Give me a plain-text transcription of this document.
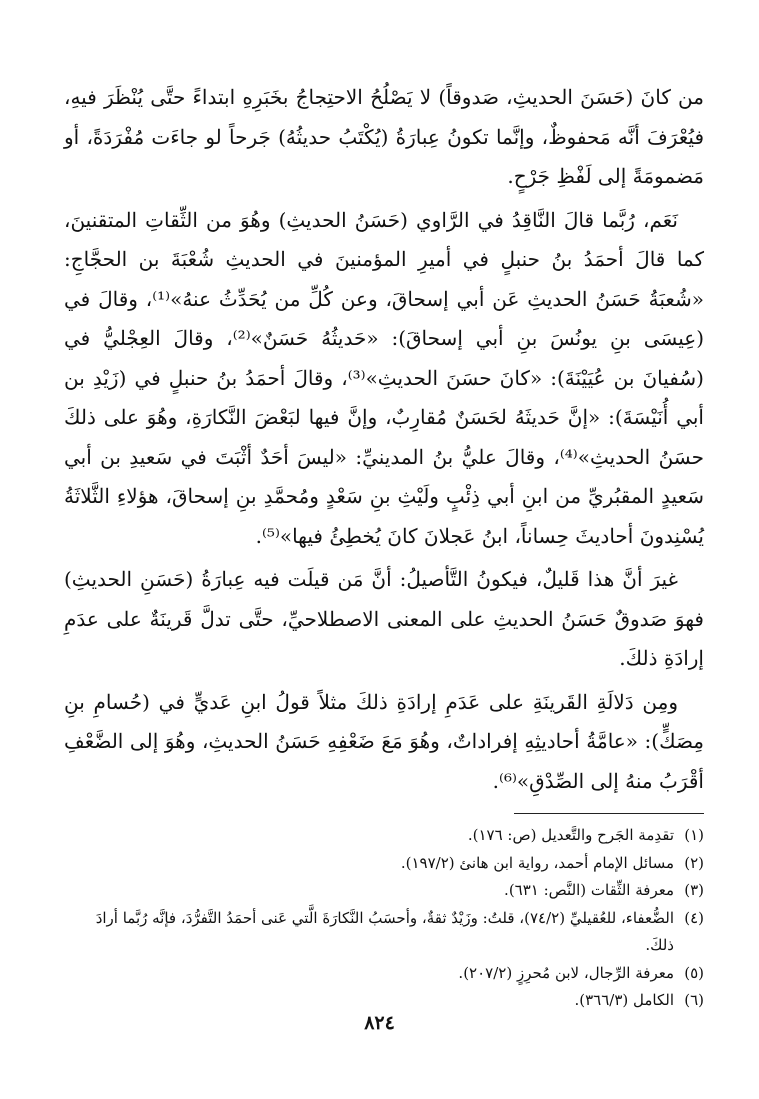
من كانَ (حَسَنَ الحديثِ، صَدوقاً) لا يَصْلُحُ الاحتِجاجُ بخَبَرِهِ ابتداءً حتَّى يُنْظَرَ فيهِ، فيُعْرَفَ أنَّه مَحفوظٌ، وإنَّما تكونُ عِبارَةُ (يُكْتَبُ حديثُهُ) جَرحاً لو جاءَت مُفْرَدَةً، أو مَضمومَةً إلى لَفْظِ جَرْحٍ.

نَعَم، رُبَّما قالَ النَّاقِدُ في الرَّاوي (حَسَنُ الحديثِ) وهُوَ من الثِّقاتِ المتقنينَ، كما قالَ أحمَدُ بنُ حنبلٍ في أميرِ المؤمنينَ في الحديثِ شُعْبَةَ بن الحجَّاجِ: «شُعبَةُ حَسَنُ الحديثِ عَن أبي إسحاقَ، وعن كُلِّ من يُحَدِّثُ عنهُ»⁽¹⁾، وقالَ في (عِيسَى بنِ يونُسَ بنِ أبي إسحاقَ): «حَديثُهُ حَسَنٌ»⁽²⁾، وقالَ العِجْليُّ في (سُفيانَ بن عُيَيْنَةَ): «كانَ حسَنَ الحديثِ»⁽³⁾، وقالَ أحمَدُ بنُ حنبلٍ في (زَيْدِ بن أبي أُنَيْسَةَ): «إنَّ حَديثَهُ لحَسَنٌ مُقارِبٌ، وإنَّ فيها لبَعْضَ النَّكارَةِ، وهُوَ على ذلكَ حسَنُ الحديثِ»⁽⁴⁾، وقالَ عليُّ بنُ المدينيِّ: «ليسَ أحَدٌ أثْبَتَ في سَعيدِ بن أبي سَعيدٍ المقبُريِّ من ابنِ أبي ذِئْبٍ ولَيْثِ بنِ سَعْدٍ ومُحمَّدِ بنِ إسحاقَ، هؤلاءِ الثَّلاثَةُ يُسْنِدونَ أحاديثَ حِساناً، ابنُ عَجلانَ كانَ يُخطِئُ فيها»⁽⁵⁾.

غيرَ أنَّ هذا قَليلٌ، فيكونُ التَّأصيلُ: أنَّ مَن قيلَت فيه عِبارَةُ (حَسَنِ الحديثِ) فهوَ صَدوقٌ حَسَنُ الحديثِ على المعنى الاصطلاحيِّ، حتَّى تدلَّ قَرينَةٌ على عدَمِ إرادَةِ ذلكَ.

ومِن دَلالَةِ القَرينَةِ على عَدَمِ إرادَةِ ذلكَ مثلاً قولُ ابنِ عَديٍّ في (حُسامِ بنِ مِصَكٍّ): «عامَّةُ أحاديثِهِ إفراداتٌ، وهُوَ مَعَ ضَعْفِهِ حَسَنُ الحديثِ، وهُوَ إلى الضَّعْفِ أقْرَبُ منهُ إلى الصِّدْقِ»⁽⁶⁾.

(١)
تقدِمة الجَرح والتَّعديل (ص: ١٧٦).
(٢)
مسائل الإمام أحمد، رواية ابن هانئ (١٩٧/٢).
(٣)
معرفة الثِّقات (النَّص: ٦٣١).
(٤)
الضُّعفاء، للعُقيليِّ (٧٤/٢)، قلتُ: وزَيْدٌ ثقةٌ، وأحسَبُ النَّكارَةَ الَّتي عَنى أحمَدُ التَّفرُّدَ، فإنَّه رُبَّما أرادَ ذلكَ.
(٥)
معرفة الرِّجال، لابن مُحرِزٍ (٢٠٧/٢).
(٦)
الكامل (٣٦٦/٣).
٨٢٤
